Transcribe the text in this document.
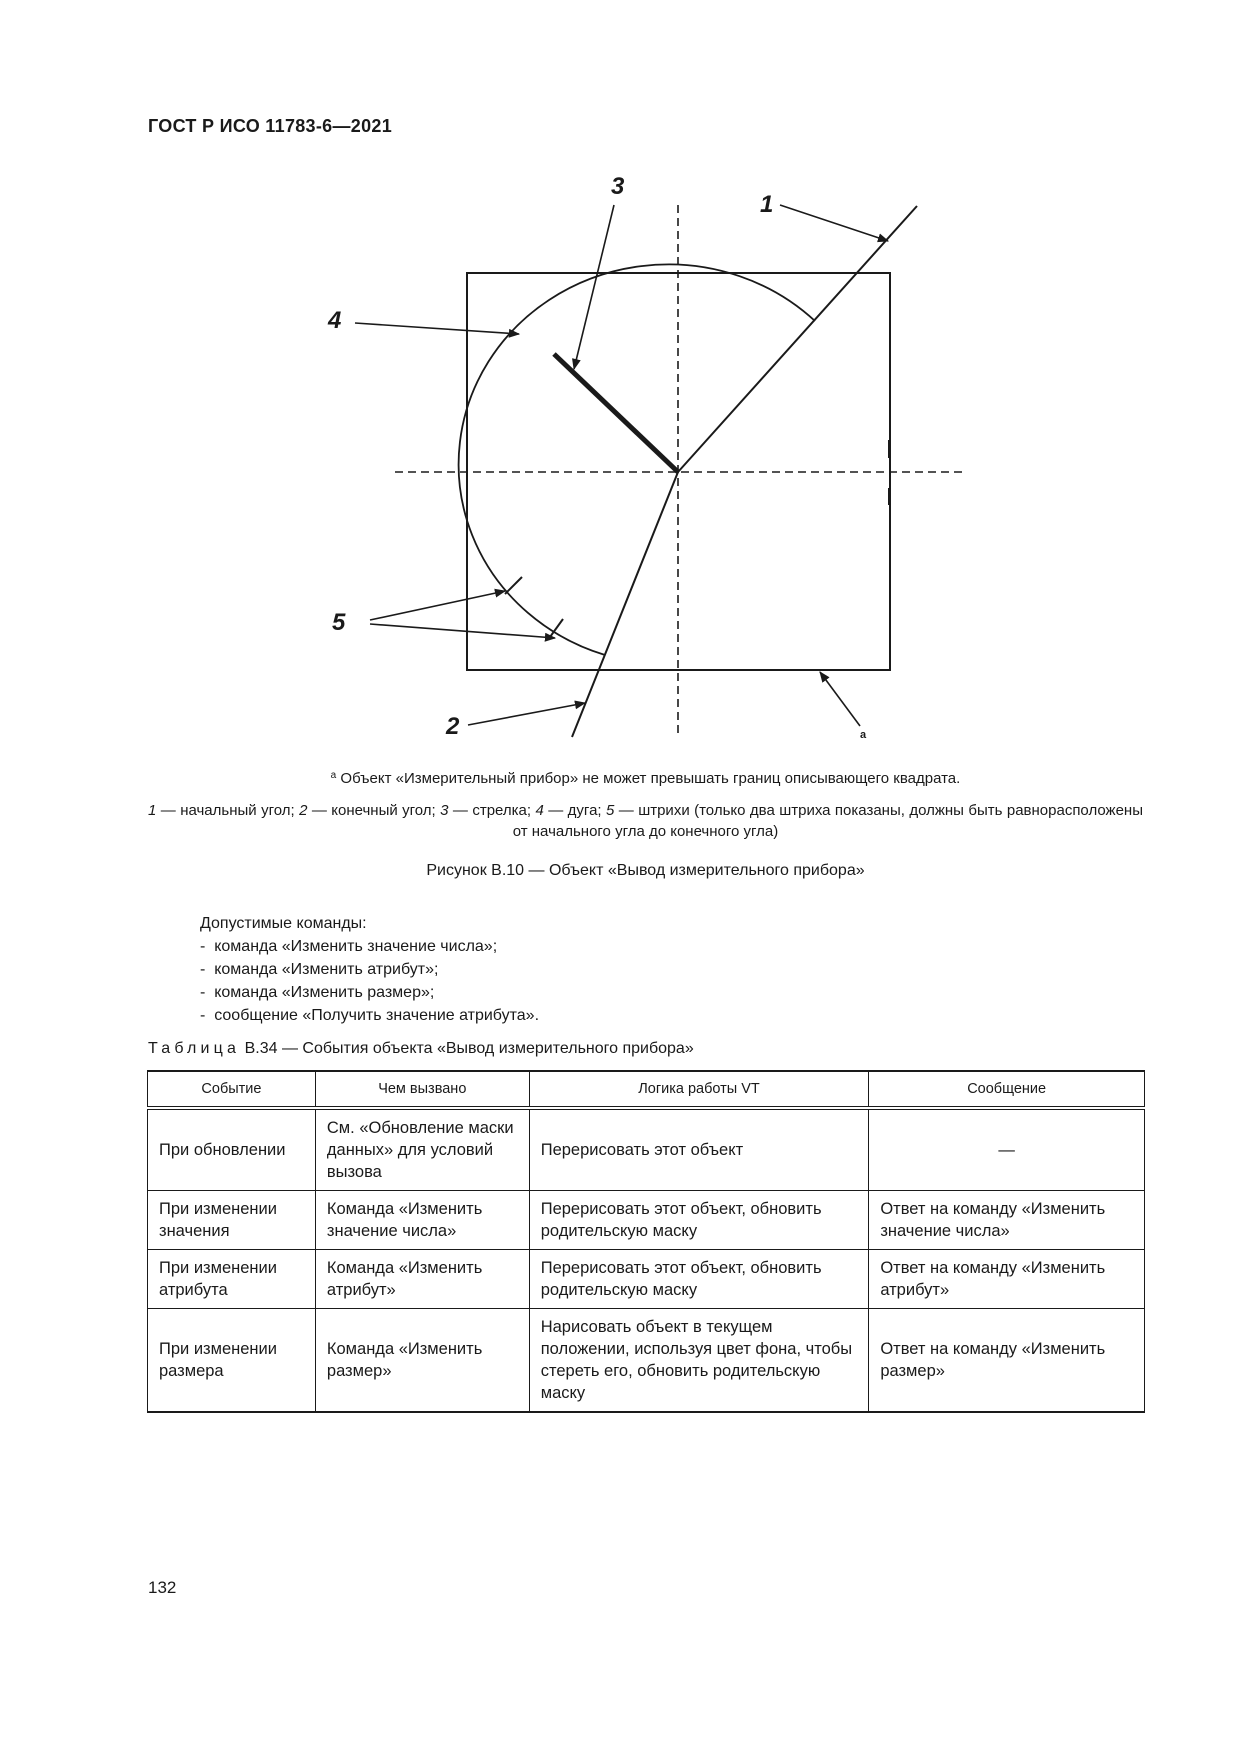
ГОСТ Р ИСО 11783-6—2021
1
2
3
4
5
а
$^а$ Объект «Измерительный прибор» не может превышать границ описывающего квадрата.
1 — начальный угол; 2 — конечный угол; 3 — стрелка; 4 — дуга; 5 — штрихи (только два штриха показаны, должны быть равнорасположены от начального угла до конечного угла)
Рисунок В.10 — Объект «Вывод измерительного прибора»
Допустимые команды:
- команда «Изменить значение числа»;
- команда «Изменить атрибут»;
- команда «Изменить размер»;
- сообщение «Получить значение атрибута».
Таблица В.34 — События объекта «Вывод измерительного прибора»
Событие	Чем вызвано	Логика работы VT	Сообщение
При обновлении	См. «Обновление маски данных» для условий вызова	Перерисовать этот объект	—
При изменении значения	Команда «Изменить значение числа»	Перерисовать этот объект, обновить родительскую маску	Ответ на команду «Изменить значение числа»
При изменении атрибута	Команда «Изменить атрибут»	Перерисовать этот объект, обновить родительскую маску	Ответ на команду «Изменить атрибут»
При изменении размера	Команда «Изменить размер»	Нарисовать объект в текущем положении, используя цвет фона, чтобы стереть его, обновить родительскую маску	Ответ на команду «Изменить размер»
132
